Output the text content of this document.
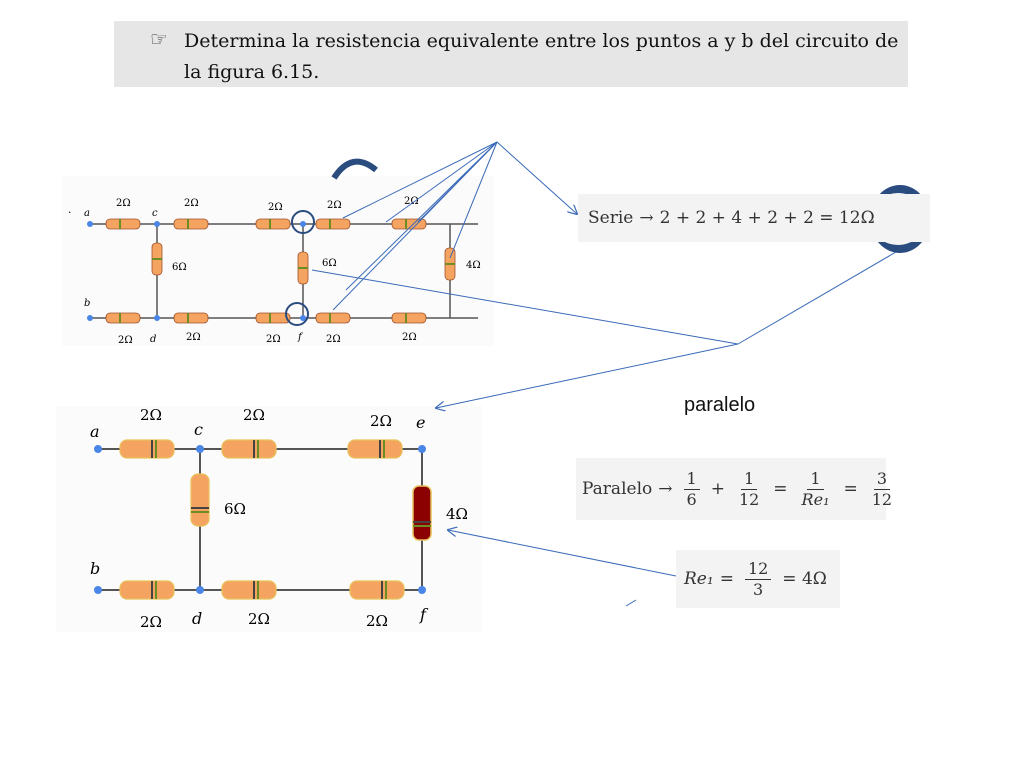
☞ Determina la resistencia equivalente entre los puntos a y b del circuito de la figura 6.15.
· a
b
c
d	f
2Ω	2Ω	2Ω	2Ω	2Ω
2Ω	2Ω	2Ω	2Ω	2Ω
6Ω	6Ω	4Ω
a
b
c
d
e
f
2Ω	2Ω	2Ω
2Ω	2Ω	2Ω
6Ω	4Ω
Serie → 2 + 2 + 4 + 2 + 2 = 12Ω
paralelo
Paralelo → $\frac{1}{6} + \frac{1}{12} = \frac{1}{\text{Re₁}} = \frac{3}{12}$
$Re_1 = \frac{12}{3} = 4\Omega$
